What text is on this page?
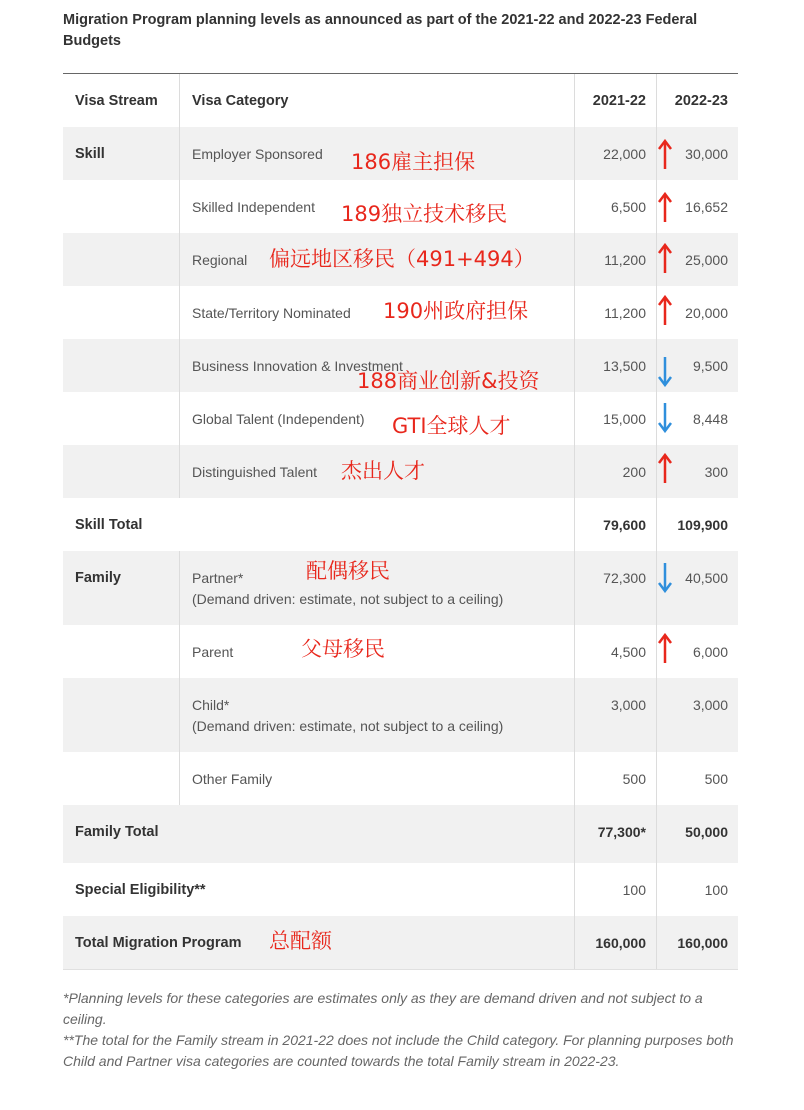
Migration Program planning levels as announced as part of the 2021-22 and 2022-23 Federal Budgets
Visa Stream Visa Category	2021-22 2022-23
Skill	Employer Sponsored	22,000	30,000
186雇主担保
Skilled Independent	6,500	16,652
189独立技术移民
Regional	11,200	25,000
偏远地区移民（491+494）
State/Territory Nominated	11,200	20,000
190州政府担保
Business Innovation & Investment	13,500	9,500
188商业创新&投资
Global Talent (Independent)	15,000	8,448
GTI全球人才
Distinguished Talent	200	300
杰出人才
Skill Total	79,600 109,900
Family	Partner*
(Demand driven: estimate, not subject to a ceiling)
72,300	40,500
配偶移民
Parent	4,500	6,000
父母移民
Child*
(Demand driven: estimate, not subject to a ceiling)
3,000	3,000
Other Family	500	500
Family Total	77,300*	50,000
Special Eligibility**	100	100
Total Migration Program	160,000 160,000
总配额
*Planning levels for these categories are estimates only as they are demand driven and not subject to a ceiling.
**The total for the Family stream in 2021-22 does not include the Child category. For planning purposes both Child and Partner visa categories are counted towards the total Family stream in 2022-23.
